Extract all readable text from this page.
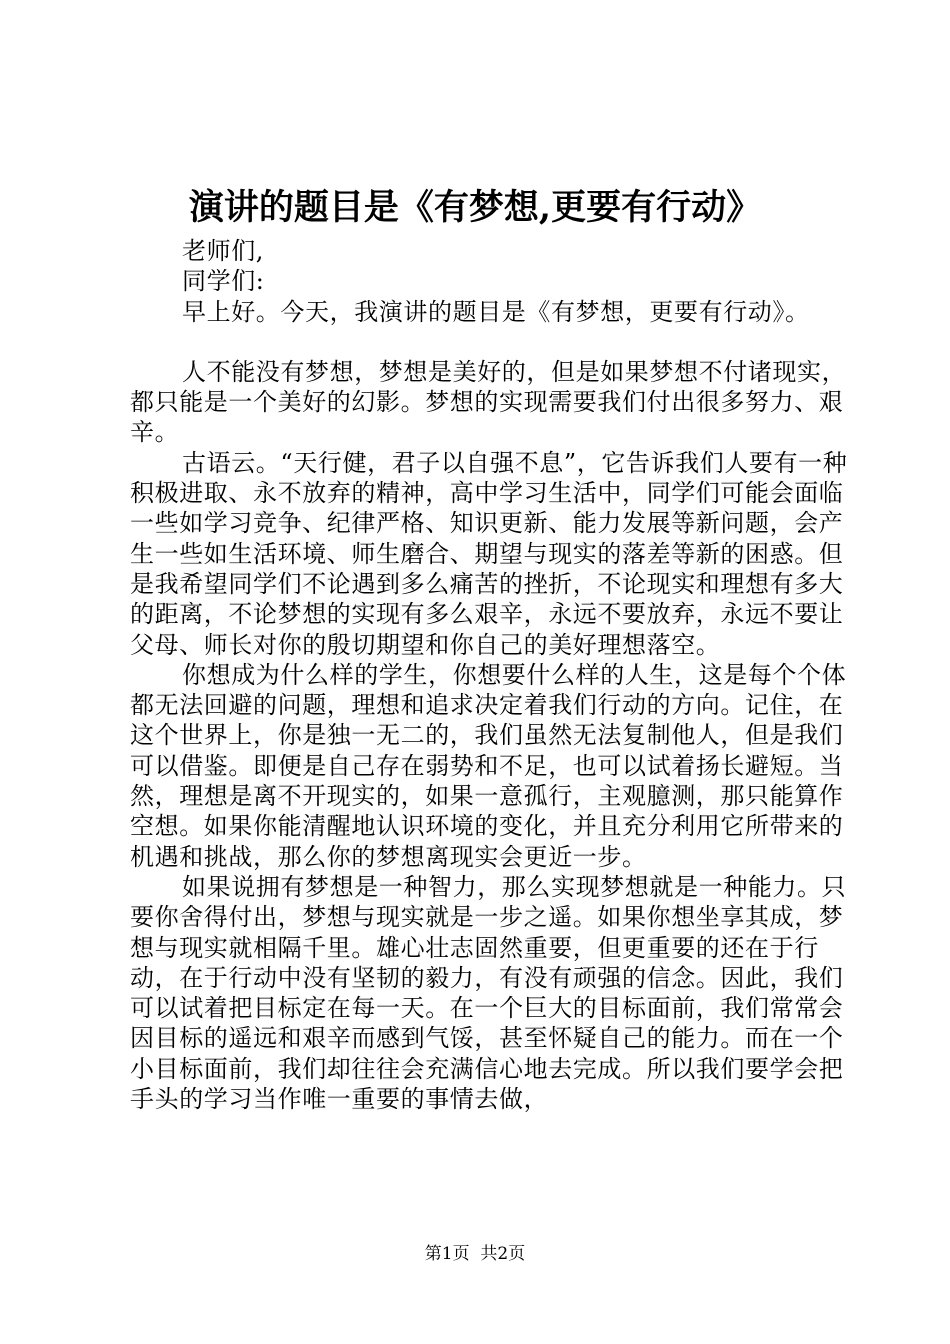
演讲的题目是《有梦想,更要有行动》

老师们,

同学们:

早上好。今天，我演讲的题目是《有梦想，更要有行动》。

人不能没有梦想，梦想是美好的，但是如果梦想不付诸现实，都只能是一个美好的幻影。梦想的实现需要我们付出很多努力、艰辛。

古语云。“天行健，君子以自强不息”，它告诉我们人要有一种积极进取、永不放弃的精神，高中学习生活中，同学们可能会面临一些如学习竞争、纪律严格、知识更新、能力发展等新问题，会产生一些如生活环境、师生磨合、期望与现实的落差等新的困惑。但是我希望同学们不论遇到多么痛苦的挫折，不论现实和理想有多大的距离，不论梦想的实现有多么艰辛，永远不要放弃，永远不要让父母、师长对你的殷切期望和你自己的美好理想落空。

你想成为什么样的学生，你想要什么样的人生，这是每个个体都无法回避的问题，理想和追求决定着我们行动的方向。记住，在这个世界上，你是独一无二的，我们虽然无法复制他人，但是我们可以借鉴。即便是自己存在弱势和不足，也可以试着扬长避短。当然，理想是离不开现实的，如果一意孤行，主观臆测，那只能算作空想。如果你能清醒地认识环境的变化，并且充分利用它所带来的机遇和挑战，那么你的梦想离现实会更近一步。

如果说拥有梦想是一种智力，那么实现梦想就是一种能力。只要你舍得付出，梦想与现实就是一步之遥。如果你想坐享其成，梦想与现实就相隔千里。雄心壮志固然重要，但更重要的还在于行动，在于行动中没有坚韧的毅力，有没有顽强的信念。因此，我们可以试着把目标定在每一天。在一个巨大的目标面前，我们常常会因目标的遥远和艰辛而感到气馁，甚至怀疑自己的能力。而在一个小目标面前，我们却往往会充满信心地去完成。所以我们要学会把手头的学习当作唯一重要的事情去做，

第1页  共2页
